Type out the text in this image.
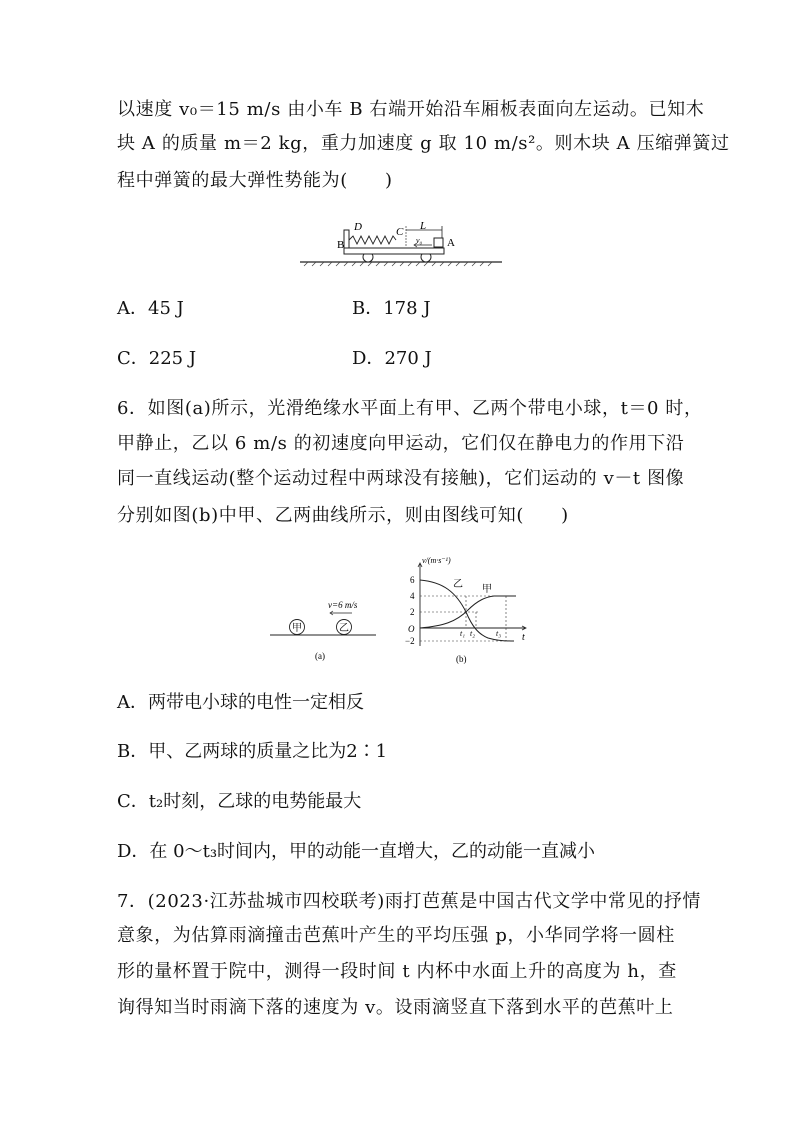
以速度 v₀＝15 m/s 由小车 B 右端开始沿车厢板表面向左运动。已知木
块 A 的质量 m＝2 kg，重力加速度 g 取 10 m/s²。则木块 A 压缩弹簧过
程中弹簧的最大弹性势能为(　　)
B
D	C L
v₀ A
A．45 J	B．178 J
C．225 J	D．270 J
6．如图(a)所示，光滑绝缘水平面上有甲、乙两个带电小球，t＝0 时，
甲静止，乙以 6 m/s 的初速度向甲运动，它们仅在静电力的作用下沿
同一直线运动(整个运动过程中两球没有接触)，它们运动的 v－t 图像
分别如图(b)中甲、乙两曲线所示，则由图线可知(　　)
甲	乙
v=6 m/s
(a)
v/(m·s⁻¹)
t
O
6
4
2
−2
t₁ t₂	t₃
乙 甲
(b)
A．两带电小球的电性一定相反
B．甲、乙两球的质量之比为2∶1
C．t₂时刻，乙球的电势能最大
D．在 0～t₃时间内，甲的动能一直增大，乙的动能一直减小
7．(2023·江苏盐城市四校联考)雨打芭蕉是中国古代文学中常见的抒情
意象，为估算雨滴撞击芭蕉叶产生的平均压强 p，小华同学将一圆柱
形的量杯置于院中，测得一段时间 t 内杯中水面上升的高度为 h，查
询得知当时雨滴下落的速度为 v。设雨滴竖直下落到水平的芭蕉叶上
